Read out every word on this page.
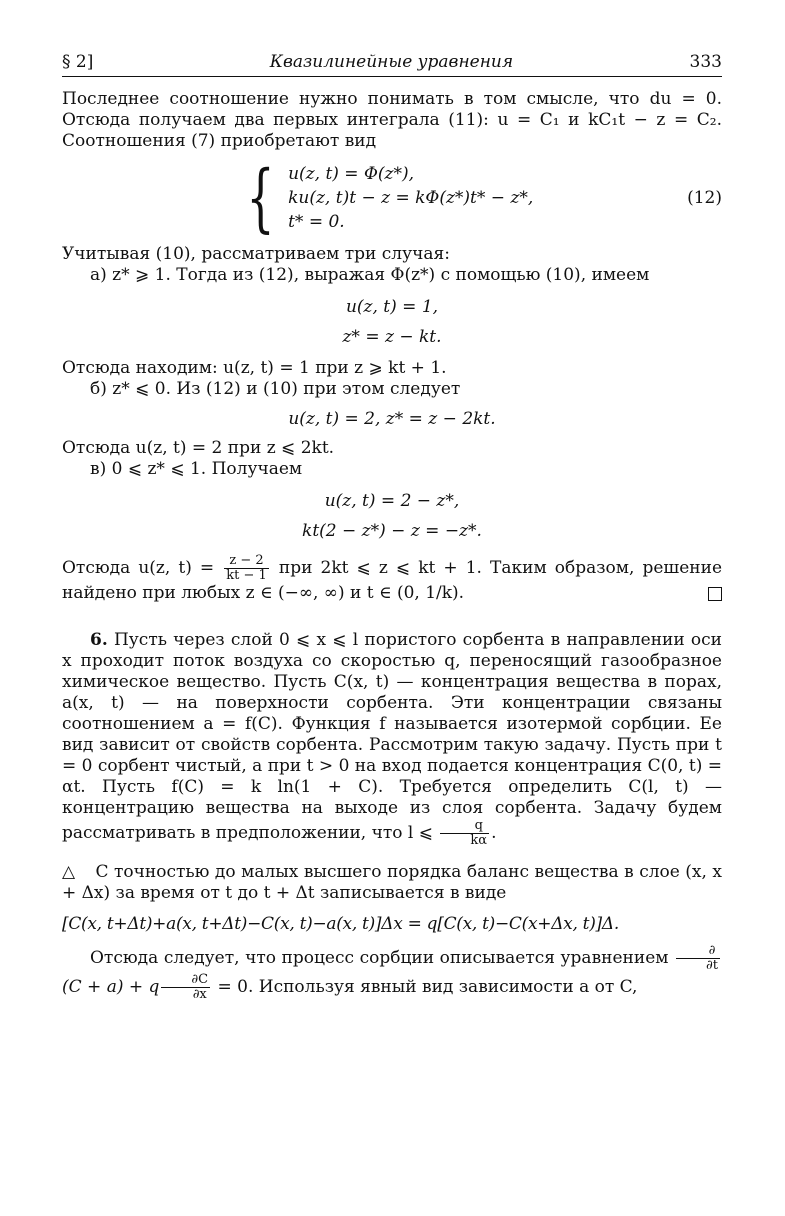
§ 2]	Квазилинейные уравнения	333

Последнее соотношение нужно понимать в том смысле, что du = 0. Отсюда получаем два первых интеграла (11): u = C₁ и kC₁t − z = C₂. Соотношения (7) приобретают вид

{ u(z, t) = Φ(z*),
ku(z, t)t − z = kΦ(z*)t* − z*,
t* = 0.
(12)

Учитывая (10), рассматриваем три случая:

а) z* ⩾ 1. Тогда из (12), выражая Φ(z*) с помощью (10), имеем

u(z, t) = 1,
z* = z − kt.

Отсюда находим: u(z, t) = 1 при z ⩾ kt + 1.

б) z* ⩽ 0. Из (12) и (10) при этом следует

u(z, t) = 2, z* = z − 2kt.

Отсюда u(z, t) = 2 при z ⩽ 2kt.

в) 0 ⩽ z* ⩽ 1. Получаем

u(z, t) = 2 − z*,
kt(2 − z*) − z = −z*.

Отсюда u(z, $t) = \frac{z - 2}{kt - 1}$ при 2kt ⩽ z ⩽ kt + 1. Таким образом, решение найдено при любых z ∈ (−∞, ∞) и t ∈ (0, 1/k).

6. Пусть через слой 0 ⩽ x ⩽ l пористого сорбента в направлении оси x проходит поток воздуха со скоростью q, переносящий газообразное химическое вещество. Пусть C(x, t) — концентрация вещества в порах, a(x, t) — на поверхности сорбента. Эти концентрации связаны соотношением a = f(C). Функция f называется изотермой сорбции. Ее вид зависит от свойств сорбента. Рассмотрим такую задачу. Пусть при t = 0 сорбент чистый, а при t > 0 на вход подается концентрация C(0, t) = αt. Пусть f(C) = k ln(1 + C). Требуется определить C(l, t) — концентрацию вещества на выходе из слоя сорбента. Задачу будем рассматривать в предположении, что l ⩽ $\frac{q}{k\alpha}$ .

△ С точностью до малых высшего порядка баланс вещества в слое (x, x + Δx) за время от t до t + Δt записывается в виде

[C(x, t+Δt)+a(x, t+Δt)−C(x, t)−a(x, t)]Δx = q[C(x, t)−C(x+Δx, t)]Δ.

Отсюда следует, что процесс сорбции описывается уравнением $\frac{\partial}{\partial t}$
(C + a) + q $\frac{\partial C}{\partial x} = 0$. Используя явный вид зависимости a от C,
